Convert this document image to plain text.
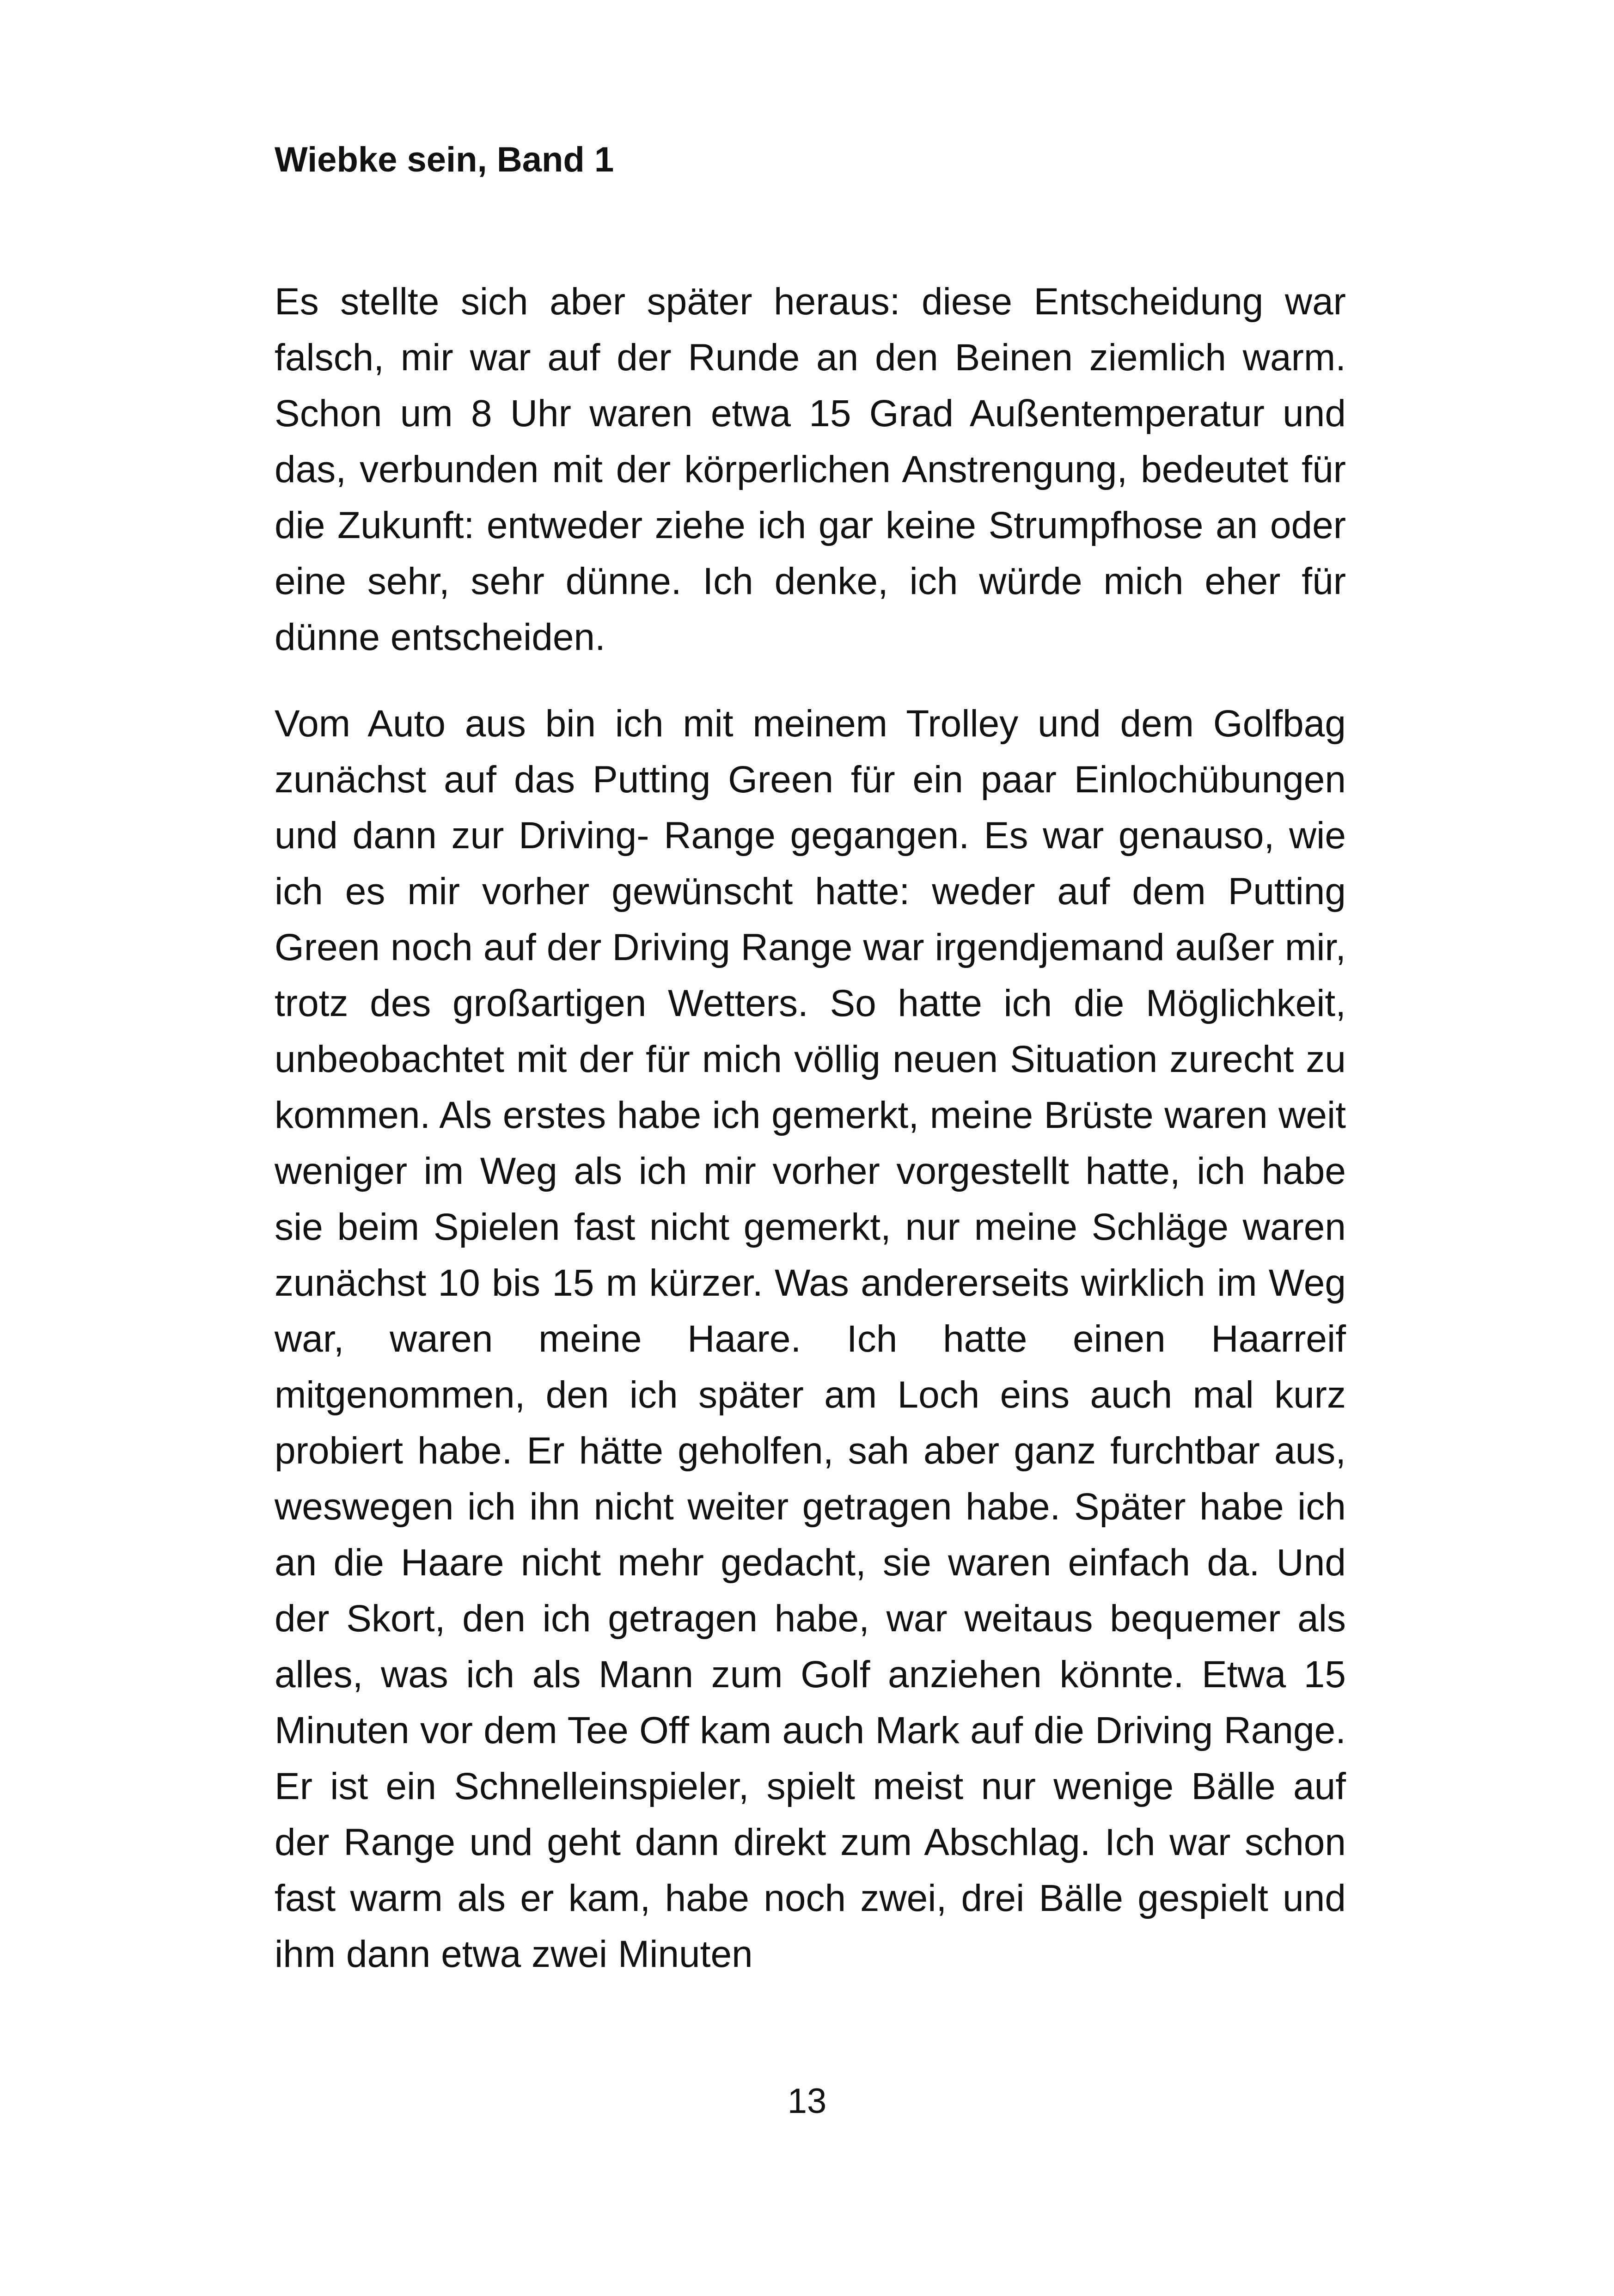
Wiebke sein, Band 1

Es stellte sich aber später heraus: diese Entscheidung war falsch, mir war auf der Runde an den Beinen ziemlich warm. Schon um 8 Uhr waren etwa 15 Grad Außentemperatur und das, verbunden mit der körperlichen Anstrengung, bedeutet für die Zukunft: entweder ziehe ich gar keine Strumpfhose an oder eine sehr, sehr dünne. Ich denke, ich würde mich eher für dünne entscheiden.

Vom Auto aus bin ich mit meinem Trolley und dem Golfbag zunächst auf das Putting Green für ein paar Einlochübungen und dann zur Driving- Range gegangen. Es war genauso, wie ich es mir vorher gewünscht hatte: weder auf dem Putting Green noch auf der Driving Range war irgendjemand außer mir, trotz des großartigen Wetters. So hatte ich die Möglichkeit, unbeobachtet mit der für mich völlig neuen Situation zurecht zu kommen. Als erstes habe ich gemerkt, meine Brüste waren weit weniger im Weg als ich mir vorher vorgestellt hatte, ich habe sie beim Spielen fast nicht gemerkt, nur meine Schläge waren zunächst 10 bis 15 m kürzer. Was andererseits wirklich im Weg war, waren meine Haare. Ich hatte einen Haarreif mitgenommen, den ich später am Loch eins auch mal kurz probiert habe. Er hätte geholfen, sah aber ganz furchtbar aus, weswegen ich ihn nicht weiter getragen habe. Später habe ich an die Haare nicht mehr gedacht, sie waren einfach da. Und der Skort, den ich getragen habe, war weitaus bequemer als alles, was ich als Mann zum Golf anziehen könnte. Etwa 15 Minuten vor dem Tee Off kam auch Mark auf die Driving Range. Er ist ein Schnelleinspieler, spielt meist nur wenige Bälle auf der Range und geht dann direkt zum Abschlag. Ich war schon fast warm als er kam, habe noch zwei, drei Bälle gespielt und ihm dann etwa zwei Minuten

13
